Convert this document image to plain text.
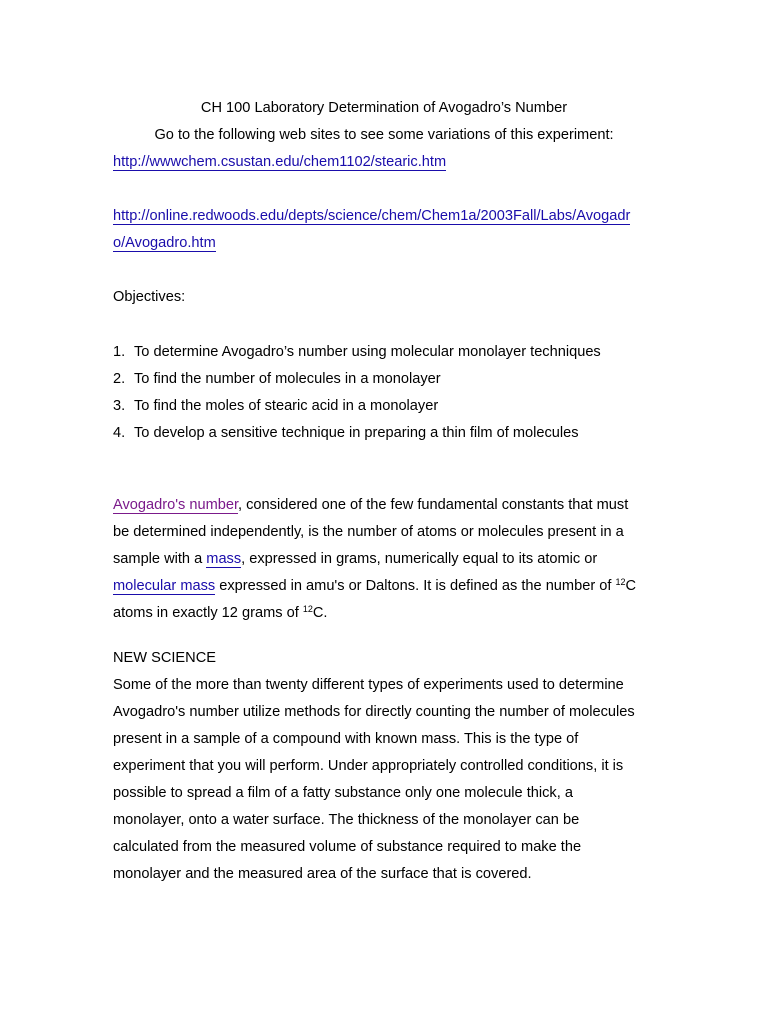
CH 100 Laboratory Determination of Avogadro’s Number
Go to the following web sites to see some variations of this experiment:
http://wwwchem.csustan.edu/chem1102/stearic.htm
http://online.redwoods.edu/depts/science/chem/Chem1a/2003Fall/Labs/Avogadr
o/Avogadro.htm
Objectives:
1. To determine Avogadro’s number using molecular monolayer techniques
2. To find the number of molecules in a monolayer
3. To find the moles of stearic acid in a monolayer
4. To develop a sensitive technique in preparing a thin film of molecules
Avogadro's number, considered one of the few fundamental constants that must
be determined independently, is the number of atoms or molecules present in a
sample with a mass, expressed in grams, numerically equal to its atomic or
molecular mass expressed in amu's or Daltons. It is defined as the number of $^{12}$C
atoms in exactly 12 grams of $^{12}$C.
NEW SCIENCE
Some of the more than twenty different types of experiments used to determine
Avogadro's number utilize methods for directly counting the number of molecules
present in a sample of a compound with known mass. This is the type of
experiment that you will perform. Under appropriately controlled conditions, it is
possible to spread a film of a fatty substance only one molecule thick, a
monolayer, onto a water surface. The thickness of the monolayer can be
calculated from the measured volume of substance required to make the
monolayer and the measured area of the surface that is covered.
